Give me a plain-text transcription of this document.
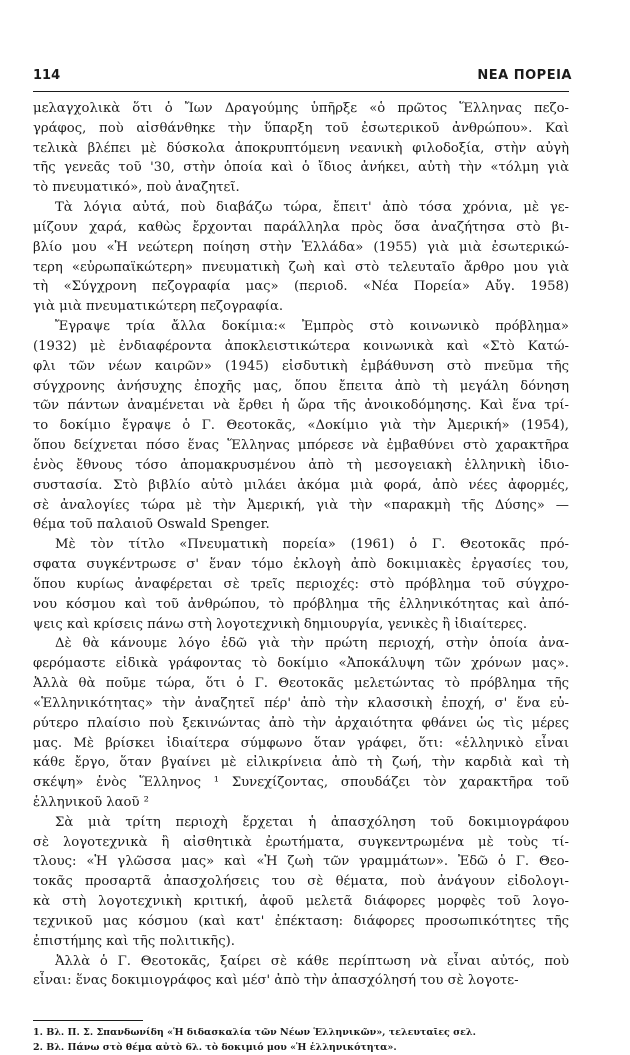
114	ΝΕΑ ΠΟΡΕΙΑ
μελαγχολικὰ ὅτι ὁ Ἴων Δραγούμης ὑπῆρξε «ὁ πρῶτος Ἕλληνας πεζο-
γράφος, ποὺ αἰσθάνθηκε τὴν ὕπαρξη τοῦ ἐσωτερικοῦ ἀνθρώπου». Καὶ
τελικὰ βλέπει μὲ δύσκολα ἀποκρυπτόμενη νεανικὴ φιλοδοξία, στὴν αὐγὴ
τῆς γενεᾶς τοῦ '30, στὴν ὁποία καὶ ὁ ἴδιος ἀνήκει, αὐτὴ τὴν «τόλμη γιὰ
τὸ πνευματικό», ποὺ ἀναζητεῖ.
Τὰ λόγια αὐτά, ποὺ διαβάζω τώρα, ἔπειτ' ἀπὸ τόσα χρόνια, μὲ γε-
μίζουν χαρά, καθὼς ἔρχονται παράλληλα πρὸς ὅσα ἀναζήτησα στὸ βι-
βλίο μου «Ἡ νεώτερη ποίηση στὴν Ἑλλάδα» (1955) γιὰ μιὰ ἐσωτερικώ-
τερη «εὐρωπαϊκώτερη» πνευματικὴ ζωὴ καὶ στὸ τελευταῖο ἄρθρο μου γιὰ
τὴ «Σύγχρονη πεζογραφία μας» (περιοδ. «Νέα Πορεία» Αὔγ. 1958)
γιὰ μιὰ πνευματικώτερη πεζογραφία.
Ἔγραψε τρία ἄλλα δοκίμια:« Ἐμπρὸς στὸ κοινωνικὸ πρόβλημα»
(1932) μὲ ἐνδιαφέροντα ἀποκλειστικώτερα κοινωνικὰ καὶ «Στὸ Κατώ-
φλι τῶν νέων καιρῶν» (1945) εἰσδυτικὴ ἐμβάθυνση στὸ πνεῦμα τῆς
σύγχρονης ἀνήσυχης ἐποχῆς μας, ὅπου ἔπειτα ἀπὸ τὴ μεγάλη δόνηση
τῶν πάντων ἀναμένεται νὰ ἔρθει ἡ ὥρα τῆς ἀνοικοδόμησης. Καὶ ἕνα τρί-
το δοκίμιο ἔγραψε ὁ Γ. Θεοτοκᾶς, «Δοκίμιο γιὰ τὴν Ἀμερική» (1954),
ὅπου δείχνεται πόσο ἕνας Ἕλληνας μπόρεσε νὰ ἐμβαθύνει στὸ χαρακτῆρα
ἑνὸς ἔθνους τόσο ἀπομακρυσμένου ἀπὸ τὴ μεσογειακὴ ἑλληνικὴ ἰδιο-
συστασία. Στὸ βιβλίο αὐτὸ μιλάει ἀκόμα μιὰ φορά, ἀπὸ νέες ἀφορμές,
σὲ ἀναλογίες τώρα μὲ τὴν Ἀμερική, γιὰ τὴν «παρακμὴ τῆς Δύσης» —
θέμα τοῦ παλαιοῦ Oswald Spenger.
Μὲ τὸν τίτλο «Πνευματικὴ πορεία» (1961) ὁ Γ. Θεοτοκᾶς πρό-
σφατα συγκέντρωσε σ' ἕναν τόμο ἐκλογὴ ἀπὸ δοκιμιακὲς ἐργασίες του,
ὅπου κυρίως ἀναφέρεται σὲ τρεῖς περιοχές: στὸ πρόβλημα τοῦ σύγχρο-
νου κόσμου καὶ τοῦ ἀνθρώπου, τὸ πρόβλημα τῆς ἑλληνικότητας καὶ ἀπό-
ψεις καὶ κρίσεις πάνω στὴ λογοτεχνικὴ δημιουργία, γενικὲς ἢ ἰδιαίτερες.
Δὲ θὰ κάνουμε λόγο ἐδῶ γιὰ τὴν πρώτη περιοχή, στὴν ὁποία ἀνα-
φερόμαστε εἰδικὰ γράφοντας τὸ δοκίμιο «Ἀποκάλυψη τῶν χρόνων μας».
Ἀλλὰ θὰ ποῦμε τώρα, ὅτι ὁ Γ. Θεοτοκᾶς μελετώντας τὸ πρόβλημα τῆς
«Ἑλληνικότητας» τὴν ἀναζητεῖ πέρ' ἀπὸ τὴν κλασσικὴ ἐποχή, σ' ἕνα εὐ-
ρύτερο πλαίσιο ποὺ ξεκινώντας ἀπὸ τὴν ἀρχαιότητα φθάνει ὡς τὶς μέρες
μας. Μὲ βρίσκει ἰδιαίτερα σύμφωνο ὅταν γράφει, ὅτι: «ἑλληνικὸ εἶναι
κάθε ἔργο, ὅταν βγαίνει μὲ εἰλικρίνεια ἀπὸ τὴ ζωή, τὴν καρδιὰ καὶ τὴ
σκέψη» ἑνὸς Ἕλληνος ¹ Συνεχίζοντας, σπουδάζει τὸν χαρακτῆρα τοῦ
ἑλληνικοῦ λαοῦ ²
Σὰ μιὰ τρίτη περιοχὴ ἔρχεται ἡ ἀπασχόληση τοῦ δοκιμιογράφου
σὲ λογοτεχνικὰ ἢ αἰσθητικὰ ἐρωτήματα, συγκεντρωμένα μὲ τοὺς τί-
τλους: «Ἡ γλῶσσα μας» καὶ «Ἡ ζωὴ τῶν γραμμάτων». Ἐδῶ ὁ Γ. Θεο-
τοκᾶς προσαρτᾶ ἀπασχολήσεις του σὲ θέματα, ποὺ ἀνάγουν εἰδολογι-
κὰ στὴ λογοτεχνικὴ κριτική, ἀφοῦ μελετᾶ διάφορες μορφὲς τοῦ λογο-
τεχνικοῦ μας κόσμου (καὶ κατ' ἐπέκταση: διάφορες προσωπικότητες τῆς
ἐπιστήμης καὶ τῆς πολιτικῆς).
Ἀλλὰ ὁ Γ. Θεοτοκᾶς, ξαίρει σὲ κάθε περίπτωση νὰ εἶναι αὐτός, ποὺ
εἶναι: ἕνας δοκιμιογράφος καὶ μέσ' ἀπὸ τὴν ἀπασχόλησή του σὲ λογοτε-
1. Βλ. Π. Σ. Σπανδωνίδη «Ἡ διδασκαλία τῶν Νέων Ἑλληνικῶν», τελευταῖες σελ.
2. Βλ. Πάνω στὸ θέμα αὐτὸ 6λ. τὸ δοκιμιό μου «Ἡ ἑλληνικότητα».
